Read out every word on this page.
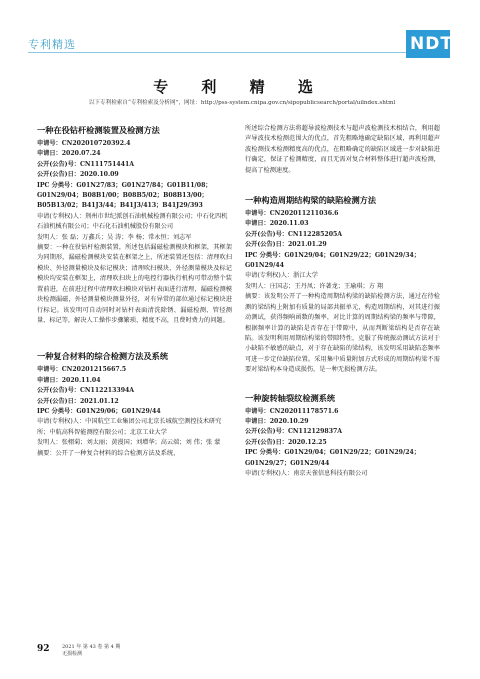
专利精选	NDT
专 利 精 选
以下专利检索自“专利检索及分析网”，网址：http://pss-system.cnipa.gov.cn/sipopublicsearch/portal/uilndex.shtml
一种在役钻杆检测装置及检测方法
申请号：CN202010720392.4
申请日：2020.07.24
公开(公告)号：CN111751441A
公开(公告)日：2020.10.09
IPC 分类号：G01N27/83；G01N27/84；G01B11/08；G01N29/04；B08B1/00；B08B5/02；B08B13/00；B05B13/02；B41J3/44；B41J3/413；B41J29/393
申请(专利权)人：荆州市世纪派创石油机械检测有限公司；中石化四机石油机械有限公司；中石化石油机械股份有限公司
发明人：张 磊；万鑫兵；吴 涛；李 杨；常永恒；刘志军
摘要：一种在役钻杆检测装置，所述包括漏磁检测模块和框架，其框架为同期形，漏磁检测模块安装在框架之上，所述装置还包括：清理吹扫模块、外径测量模块及标记模块；清理吹扫模块、外径测量模块及标记模块均安装在框架上，清理吹扫块上的电控行器执行机构可带动整个装置前进，在前进过程中清理吹扫模块对钻杆表面进行清理，漏磁检测模块检测漏磁，外径测量模块测量外径，对有异常的部位通过标记模块进行标记。该发明可自动同时对钻杆表面清洗除锈、漏磁检测、管径测量、标记等，解决人工操作步骤繁琐、精度不高，且费时费力的问题。
一种复合材料的综合检测方法及系统
申请号：CN20201215667.5
申请日：2020.11.04
公开(公告)号：CN112213394A
公开(公告)日：2021.01.12
IPC 分类号：G01N29/06；G01N29/44
申请(专利权)人：中国航空工业集团公司北京长城航空测控技术研究所；中航高科智能测控有限公司；北京工业大学
发明人：张栩菊；刘太丽；黄漫国；刘增华；高云端；刘 伟；张 蒙
摘要：公开了一种复合材料的综合检测方法及系统，
所述综合检测方法将超导波检测技术与超声波检测技术相结合，利用超声导波技术检测范围大的优点，首先粗略地确定缺陷区域，再利用超声波检测技术检测精度高的优点，在粗略确定的缺陷区域进一步对缺陷进行确定，保证了检测精度，而且无需对复合材料整体进行超声波检测，提高了检测速度。
一种构造周期结构梁的缺陷检测方法
申请号：CN202011211036.6
申请日：2020.11.03
公开(公告)号：CN112285205A
公开(公告)日：2021.01.29
IPC 分类号：G01N29/04；G01N29/22；G01N29/34；G01N29/44
申请(专利权)人：浙江大学
发明人：庄国志；王丹凤；许著龙；王瑜琪；方 翔
摘要：该发明公开了一种构造周期结构梁的缺陷检测方法，通过在待检测的梁结构上附加有质量的局部共振单元，构造周期结构，对其进行振动测试，获得频响函数的频率，对比计算的周期结构梁的频率与带隙，根据频率计算的缺陷是否存在于带隙中，从而判断梁结构是否存在缺陷。该发明利用周期结构梁的带隙特性，克服了传统振动测试方法对于小缺陷不敏感的缺点，对于存在缺陷的梁结构，该发明采用缺陷态频率可进一步定位缺陷位置。采用集中质量附加方式形成的周期结构梁不需要对梁结构本身造成损伤，是一种无损检测方法。
一种旋转轴裂纹检测系统
申请号：CN202011178571.6
申请日：2020.10.29
公开(公告)号：CN112129837A
公开(公告)日：2020.12.25
IPC 分类号：G01N29/04；G01N29/22；G01N29/24；G01N29/27；G01N29/44
申请(专利权)人：南京天雀信息科技有限公司
92 2021 年 第 43 卷 第 4 期
无损检测
